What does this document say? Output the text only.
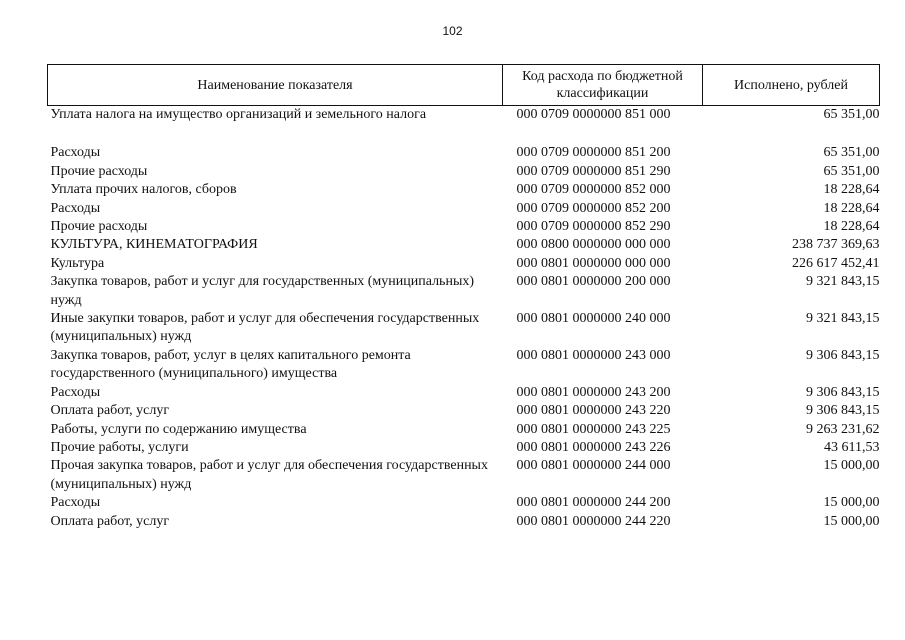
102
Наименование показателя	Код расхода по бюджетной классификации	Исполнено, рублей
Уплата налога на имущество организаций и земельного налога	000 0709 0000000 851 000	65 351,00
Расходы	000 0709 0000000 851 200	65 351,00
Прочие расходы	000 0709 0000000 851 290	65 351,00
Уплата прочих налогов, сборов	000 0709 0000000 852 000	18 228,64
Расходы	000 0709 0000000 852 200	18 228,64
Прочие расходы	000 0709 0000000 852 290	18 228,64
КУЛЬТУРА, КИНЕМАТОГРАФИЯ	000 0800 0000000 000 000	238 737 369,63
Культура	000 0801 0000000 000 000	226 617 452,41
Закупка товаров, работ и услуг для государственных (муниципальных) нужд	000 0801 0000000 200 000	9 321 843,15
Иные закупки товаров, работ и услуг для обеспечения государственных (муниципальных) нужд	000 0801 0000000 240 000	9 321 843,15
Закупка товаров, работ, услуг в целях капитального ремонта государственного (муниципального) имущества	000 0801 0000000 243 000	9 306 843,15
Расходы	000 0801 0000000 243 200	9 306 843,15
Оплата работ, услуг	000 0801 0000000 243 220	9 306 843,15
Работы, услуги по содержанию имущества	000 0801 0000000 243 225	9 263 231,62
Прочие работы, услуги	000 0801 0000000 243 226	43 611,53
Прочая закупка товаров, работ и услуг для обеспечения государственных (муниципальных) нужд	000 0801 0000000 244 000	15 000,00
Расходы	000 0801 0000000 244 200	15 000,00
Оплата работ, услуг	000 0801 0000000 244 220	15 000,00
